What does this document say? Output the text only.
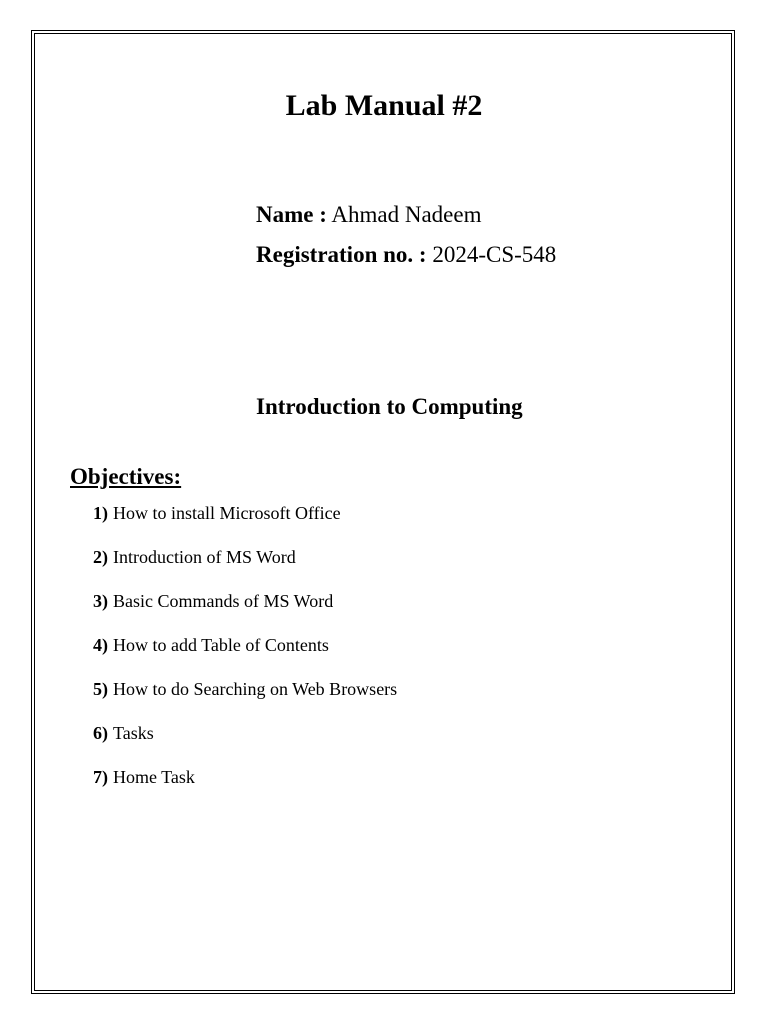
Lab Manual #2
Name : Ahmad Nadeem
Registration no. : 2024-CS-548
Introduction to Computing
Objectives:
1) How to install Microsoft Office
2) Introduction of MS Word
3) Basic Commands of MS Word
4) How to add Table of Contents
5) How to do Searching on Web Browsers
6) Tasks
7) Home Task
